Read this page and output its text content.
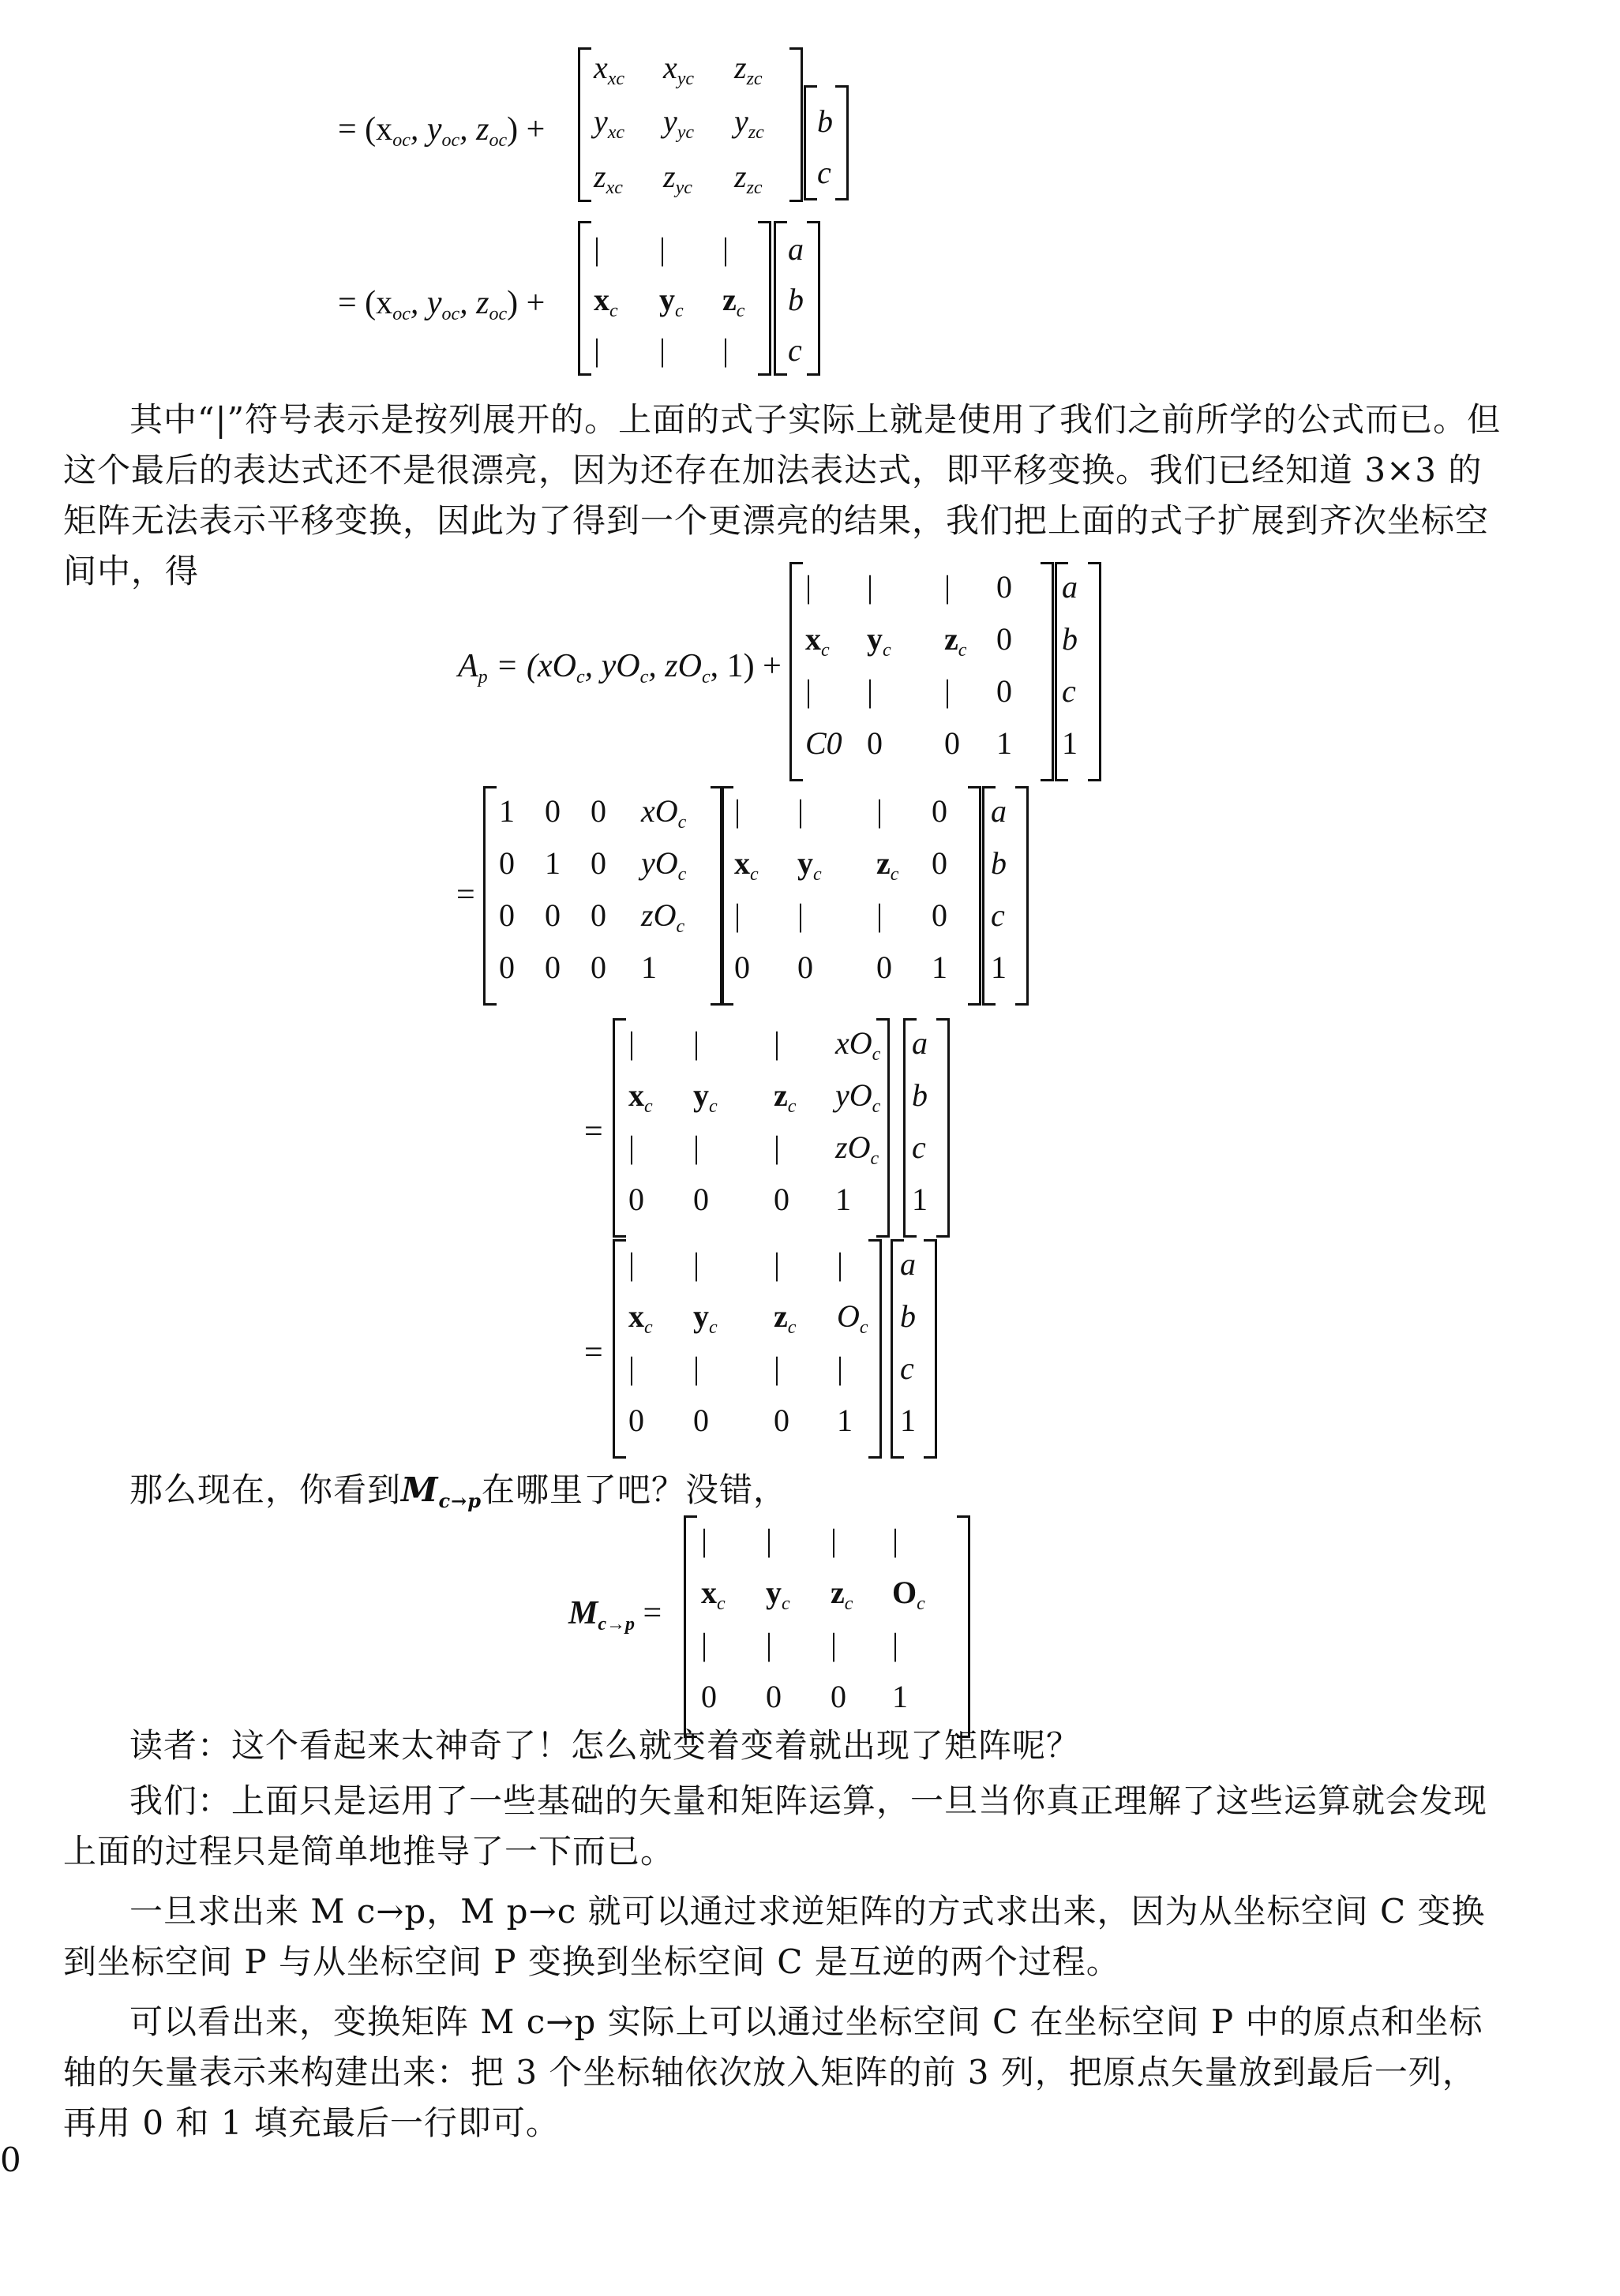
= ($x_{oc}$, $y_{oc}$, $z_{oc}$) +	b
c
= ($x_{oc}$, $y_{oc}$, $z_{oc}$) +
a
b
c

其中“|”符号表示是按列展开的。上面的式子实际上就是使用了我们之前所学的公式而已。但这个最后的表达式还不是很漂亮，因为还存在加法表达式，即平移变换。我们已经知道 3×3 的矩阵无法表示平移变换，因此为了得到一个更漂亮的结果，我们把上面的式子扩展到齐次坐标空间中，得

$A_p = (xO_c$, $yO_c$, $zO_c$, 1) +
=
=
=
那么现在，你看到$M_{c\to p}$在哪里了吧？没错，
$M_{c\to p}$ =

读者：这个看起来太神奇了！怎么就变着变着就出现了矩阵呢？

我们：上面只是运用了一些基础的矢量和矩阵运算，一旦当你真正理解了这些运算就会发现上面的过程只是简单地推导了一下而已。

一旦求出来 M c→p，M p→c 就可以通过求逆矩阵的方式求出来，因为从坐标空间 C 变换到坐标空间 P 与从坐标空间 P 变换到坐标空间 C 是互逆的两个过程。

可以看出来，变换矩阵 M c→p 实际上可以通过坐标空间 C 在坐标空间 P 中的原点和坐标轴的矢量表示来构建出来：把 3 个坐标轴依次放入矩阵的前 3 列，把原点矢量放到最后一列，再用 0 和 1 填充最后一行即可。

0
$x_{xc}$ $x_{yc}$ $z_{zc}$
$y_{xc}$ $y_{yc}$ $y_{zc}$
$z_{xc}$ $z_{yc}$ $z_{zc}$
| | |
$x_c$ $y_c$ $z_c$
| | |
| | | 0
$x_c$ $y_c$ $z_c$ 0
| | | 0
C0 0 0 1
a
b
c
1
1 0 0 $xO_c$
0 1 0 $yO_c$
0 0 0 $zO_c$
0 0 0 1
| | | 0
$x_c$ $y_c$ $z_c$ 0
| | | 0
0 0 0 1
a
b
c
1
| | | $xO_c$
$x_c$ $y_c$ $z_c$ $yO_c$
| | | $zO_c$
0 0 0 1
a
b
c
1
| | | |
$x_c$ $y_c$ $z_c$ $O_c$
| | | |
0 0 0 1
a
b
c
1
| | | |
$x_c$ $y_c$ $z_c$ $O_c$
| | | |
0 0 0 1
